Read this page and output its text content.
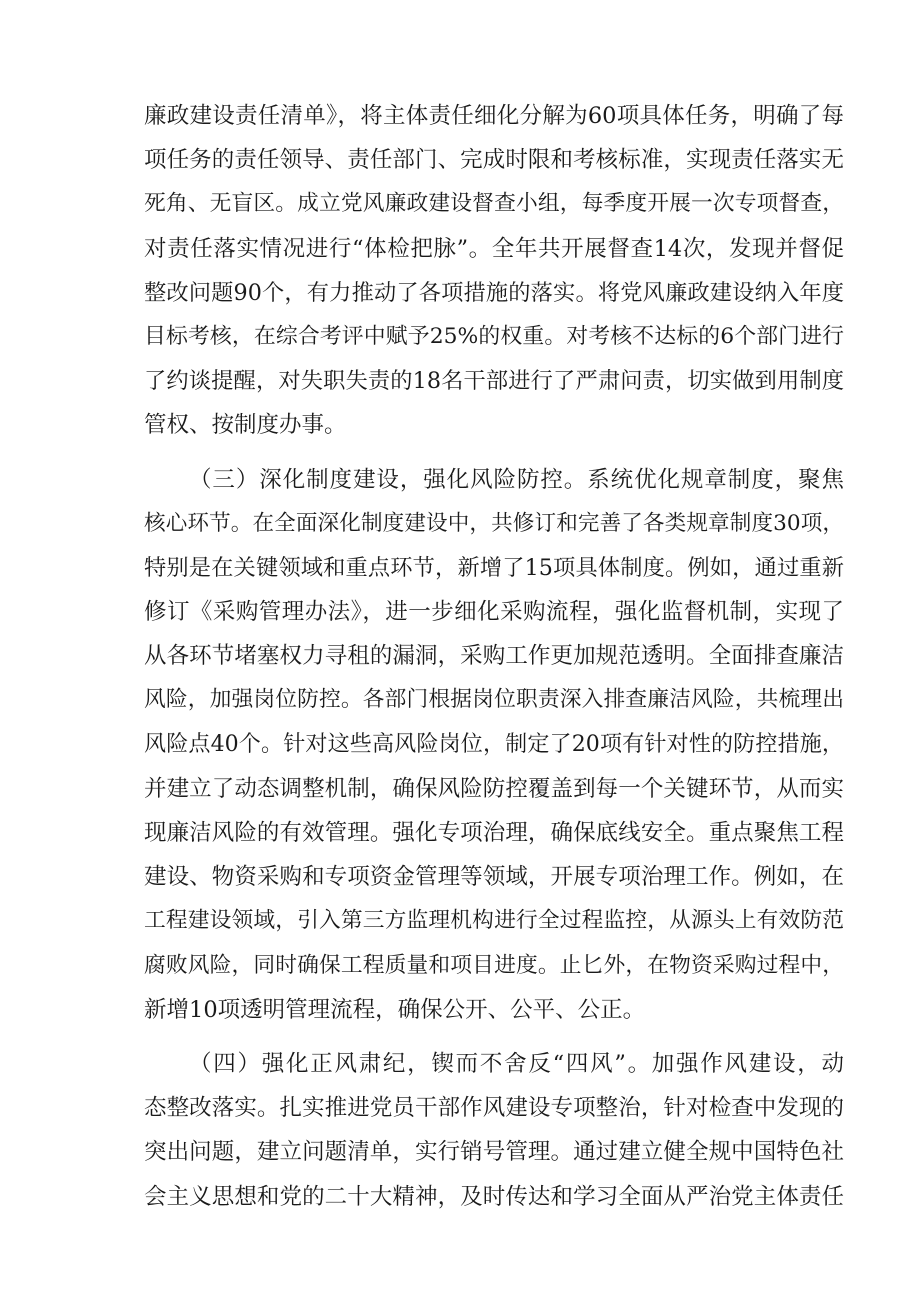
廉政建设责任清单》，将主体责任细化分解为60项具体任务，明确了每
项任务的责任领导、责任部门、完成时限和考核标准，实现责任落实无
死角、无盲区。成立党风廉政建设督查小组，每季度开展一次专项督查，
对责任落实情况进行“体检把脉”。全年共开展督查14次，发现并督促
整改问题90个，有力推动了各项措施的落实。将党风廉政建设纳入年度
目标考核，在综合考评中赋予25%的权重。对考核不达标的6个部门进行
了约谈提醒，对失职失责的18名干部进行了严肃问责，切实做到用制度
管权、按制度办事。
（三）深化制度建设，强化风险防控。系统优化规章制度，聚焦
核心环节。在全面深化制度建设中，共修订和完善了各类规章制度30项，
特别是在关键领域和重点环节，新增了15项具体制度。例如，通过重新
修订《采购管理办法》，进一步细化采购流程，强化监督机制，实现了
从各环节堵塞权力寻租的漏洞，采购工作更加规范透明。全面排查廉洁
风险，加强岗位防控。各部门根据岗位职责深入排查廉洁风险，共梳理出
风险点40个。针对这些高风险岗位，制定了20项有针对性的防控措施，
并建立了动态调整机制，确保风险防控覆盖到每一个关键环节，从而实
现廉洁风险的有效管理。强化专项治理，确保底线安全。重点聚焦工程
建设、物资采购和专项资金管理等领域，开展专项治理工作。例如，在
工程建设领域，引入第三方监理机构进行全过程监控，从源头上有效防范
腐败风险，同时确保工程质量和项目进度。止匕外，在物资采购过程中，
新增10项透明管理流程，确保公开、公平、公正。
（四）强化正风肃纪，锲而不舍反“四风”。加强作风建设，动
态整改落实。扎实推进党员干部作风建设专项整治，针对检查中发现的
突出问题，建立问题清单，实行销号管理。通过建立健全规中国特色社
会主义思想和党的二十大精神，及时传达和学习全面从严治党主体责任
